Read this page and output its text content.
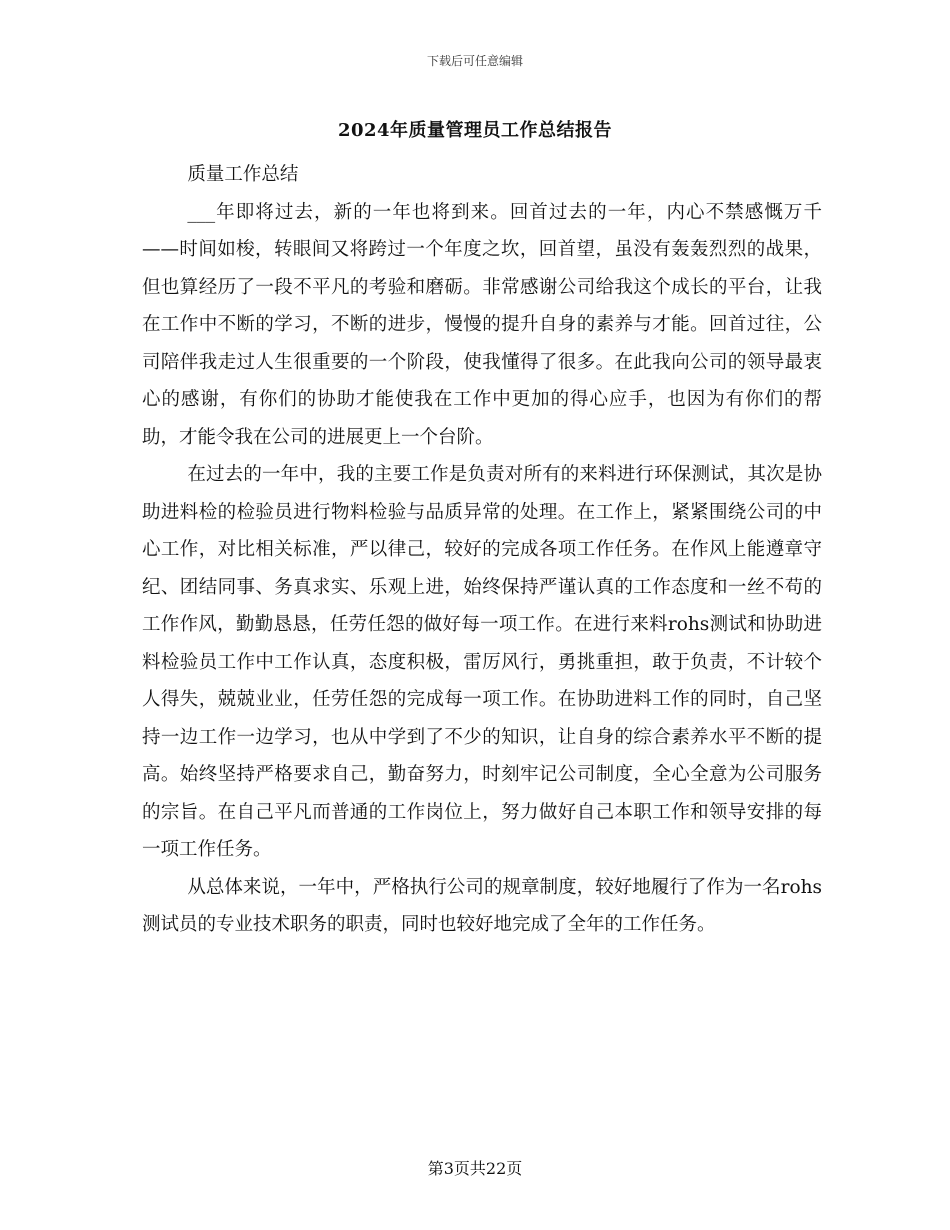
下载后可任意编辑
2024年质量管理员工作总结报告

质量工作总结

___年即将过去，新的一年也将到来。回首过去的一年，内心不禁感慨万千——时间如梭，转眼间又将跨过一个年度之坎，回首望，虽没有轰轰烈烈的战果，但也算经历了一段不平凡的考验和磨砺。非常感谢公司给我这个成长的平台，让我在工作中不断的学习，不断的进步，慢慢的提升自身的素养与才能。回首过往，公司陪伴我走过人生很重要的一个阶段，使我懂得了很多。在此我向公司的领导最衷心的感谢，有你们的协助才能使我在工作中更加的得心应手，也因为有你们的帮助，才能令我在公司的进展更上一个台阶。

在过去的一年中，我的主要工作是负责对所有的来料进行环保测试，其次是协助进料检的检验员进行物料检验与品质异常的处理。在工作上，紧紧围绕公司的中心工作，对比相关标准，严以律己，较好的完成各项工作任务。在作风上能遵章守纪、团结同事、务真求实、乐观上进，始终保持严谨认真的工作态度和一丝不苟的工作作风，勤勤恳恳，任劳任怨的做好每一项工作。在进行来料rohs测试和协助进料检验员工作中工作认真，态度积极，雷厉风行，勇挑重担，敢于负责，不计较个人得失，兢兢业业，任劳任怨的完成每一项工作。在协助进料工作的同时，自己坚持一边工作一边学习，也从中学到了不少的知识，让自身的综合素养水平不断的提高。始终坚持严格要求自己，勤奋努力，时刻牢记公司制度，全心全意为公司服务的宗旨。在自己平凡而普通的工作岗位上，努力做好自己本职工作和领导安排的每一项工作任务。

从总体来说，一年中，严格执行公司的规章制度，较好地履行了作为一名rohs测试员的专业技术职务的职责，同时也较好地完成了全年的工作任务。

第3页共22页
